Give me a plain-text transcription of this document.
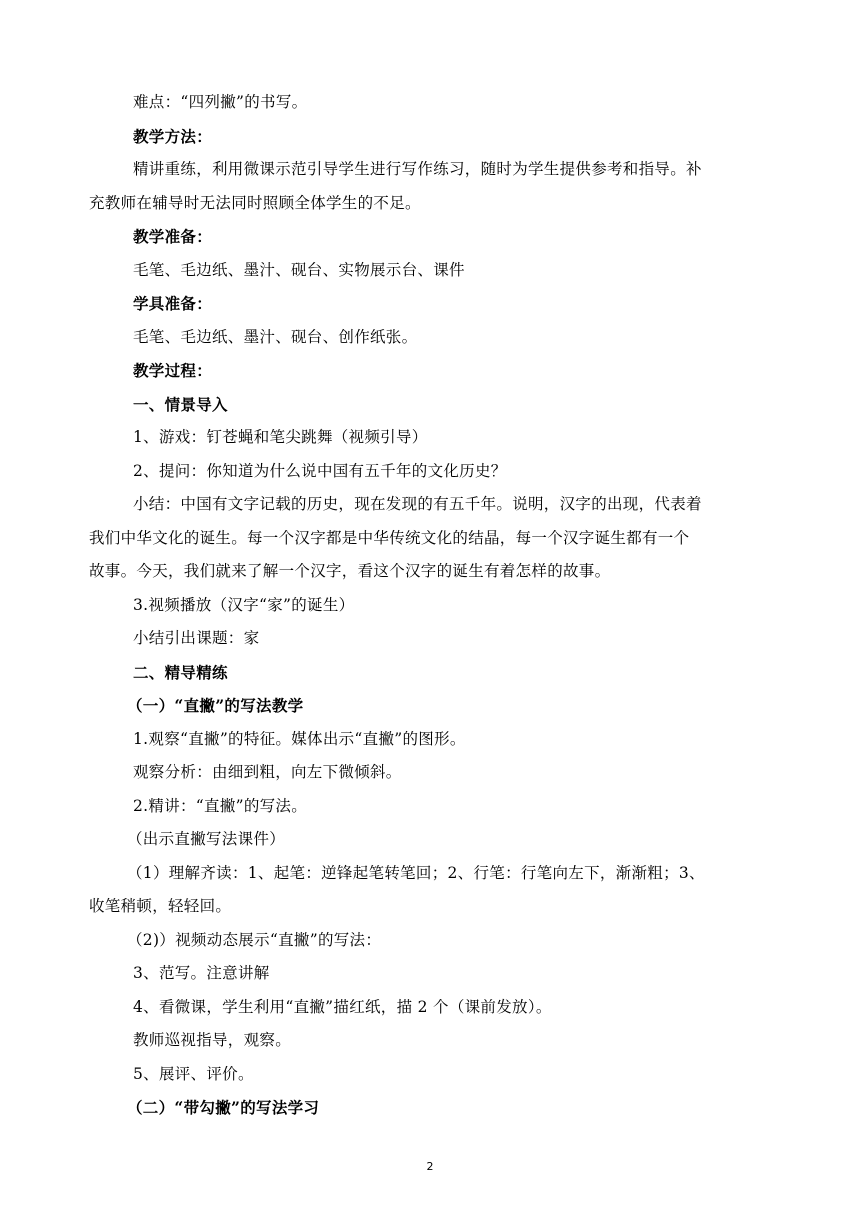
难点：“四列撇”的书写。
教学方法：
精讲重练，利用微课示范引导学生进行写作练习，随时为学生提供参考和指导。补
充教师在辅导时无法同时照顾全体学生的不足。
教学准备：
毛笔、毛边纸、墨汁、砚台、实物展示台、课件
学具准备：
毛笔、毛边纸、墨汁、砚台、创作纸张。
教学过程：
一、情景导入
1、游戏：钉苍蝇和笔尖跳舞（视频引导）
2、提问：你知道为什么说中国有五千年的文化历史？
小结：中国有文字记载的历史，现在发现的有五千年。说明，汉字的出现，代表着
我们中华文化的诞生。每一个汉字都是中华传统文化的结晶，每一个汉字诞生都有一个
故事。今天，我们就来了解一个汉字，看这个汉字的诞生有着怎样的故事。
3.视频播放（汉字“家”的诞生）
小结引出课题：家
二、精导精练
（一）“直撇”的写法教学
1.观察“直撇”的特征。媒体出示“直撇”的图形。
观察分析：由细到粗，向左下微倾斜。
2.精讲：“直撇”的写法。
（出示直撇写法课件）
（1）理解齐读：1、起笔：逆锋起笔转笔回；2、行笔：行笔向左下，渐渐粗；3、
收笔稍顿，轻轻回。
（2)）视频动态展示“直撇”的写法：
3、范写。注意讲解
4、看微课，学生利用“直撇”描红纸，描 2 个（课前发放）。
教师巡视指导，观察。
5、展评、评价。
（二）“带勾撇”的写法学习
2
